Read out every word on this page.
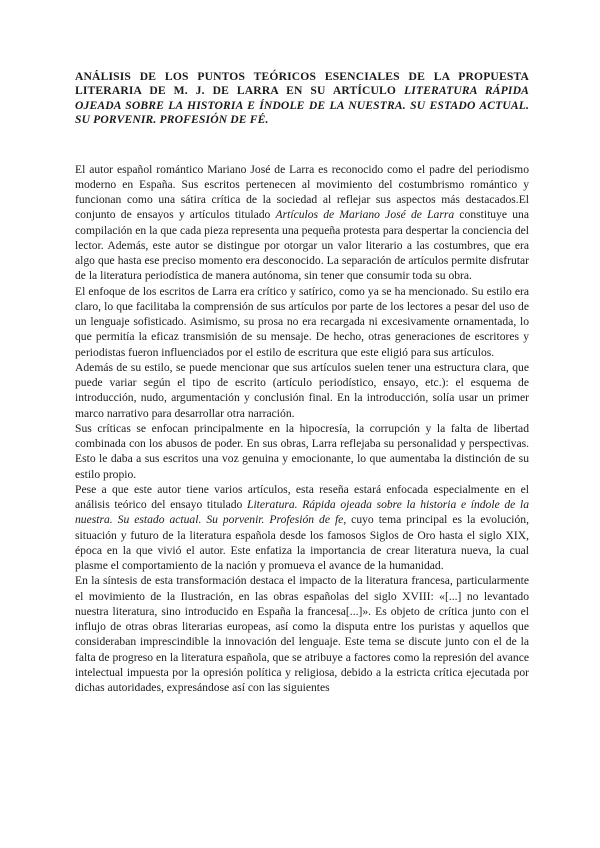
ANÁLISIS DE LOS PUNTOS TEÓRICOS ESENCIALES DE LA PROPUESTA LITERARIA DE M. J. DE LARRA EN SU ARTÍCULO LITERATURA RÁPIDA OJEADA SOBRE LA HISTORIA E ÍNDOLE DE LA NUESTRA. SU ESTADO ACTUAL. SU PORVENIR. PROFESIÓN DE FÉ.

El autor español romántico Mariano José de Larra es reconocido como el padre del periodismo moderno en España. Sus escritos pertenecen al movimiento del costumbrismo romántico y funcionan como una sátira crítica de la sociedad al reflejar sus aspectos más destacados.El conjunto de ensayos y artículos titulado Artículos de Mariano José de Larra constituye una compilación en la que cada pieza representa una pequeña protesta para despertar la conciencia del lector. Además, este autor se distingue por otorgar un valor literario a las costumbres, que era algo que hasta ese preciso momento era desconocido. La separación de artículos permite disfrutar de la literatura periodística de manera autónoma, sin tener que consumir toda su obra.

El enfoque de los escritos de Larra era crítico y satírico, como ya se ha mencionado. Su estilo era claro, lo que facilitaba la comprensión de sus artículos por parte de los lectores a pesar del uso de un lenguaje sofisticado. Asimismo, su prosa no era recargada ni excesivamente ornamentada, lo que permitía la eficaz transmisión de su mensaje. De hecho, otras generaciones de escritores y periodistas fueron influenciados por el estilo de escritura que este eligió para sus artículos.

Además de su estilo, se puede mencionar que sus artículos suelen tener una estructura clara, que puede variar según el tipo de escrito (artículo periodístico, ensayo, etc.): el esquema de introducción, nudo, argumentación y conclusión final. En la introducción, solía usar un primer marco narrativo para desarrollar otra narración.

Sus críticas se enfocan principalmente en la hipocresía, la corrupción y la falta de libertad combinada con los abusos de poder. En sus obras, Larra reflejaba su personalidad y perspectivas. Esto le daba a sus escritos una voz genuina y emocionante, lo que aumentaba la distinción de su estilo propio.

Pese a que este autor tiene varios artículos, esta reseña estará enfocada especialmente en el análisis teórico del ensayo titulado Literatura. Rápida ojeada sobre la historia e índole de la nuestra. Su estado actual. Su porvenir. Profesión de fe, cuyo tema principal es la evolución, situación y futuro de la literatura española desde los famosos Siglos de Oro hasta el siglo XIX, época en la que vivió el autor. Este enfatiza la importancia de crear literatura nueva, la cual plasme el comportamiento de la nación y promueva el avance de la humanidad.

En la síntesis de esta transformación destaca el impacto de la literatura francesa, particularmente el movimiento de la Ilustración, en las obras españolas del siglo XVIII: «[...] no levantado nuestra literatura, sino introducido en España la francesa[...]». Es objeto de crítica junto con el influjo de otras obras literarias europeas, así como la disputa entre los puristas y aquellos que consideraban imprescindible la innovación del lenguaje. Este tema se discute junto con el de la falta de progreso en la literatura española, que se atribuye a factores como la represión del avance intelectual impuesta por la opresión política y religiosa, debido a la estricta crítica ejecutada por dichas autoridades, expresándose así con las siguientes
